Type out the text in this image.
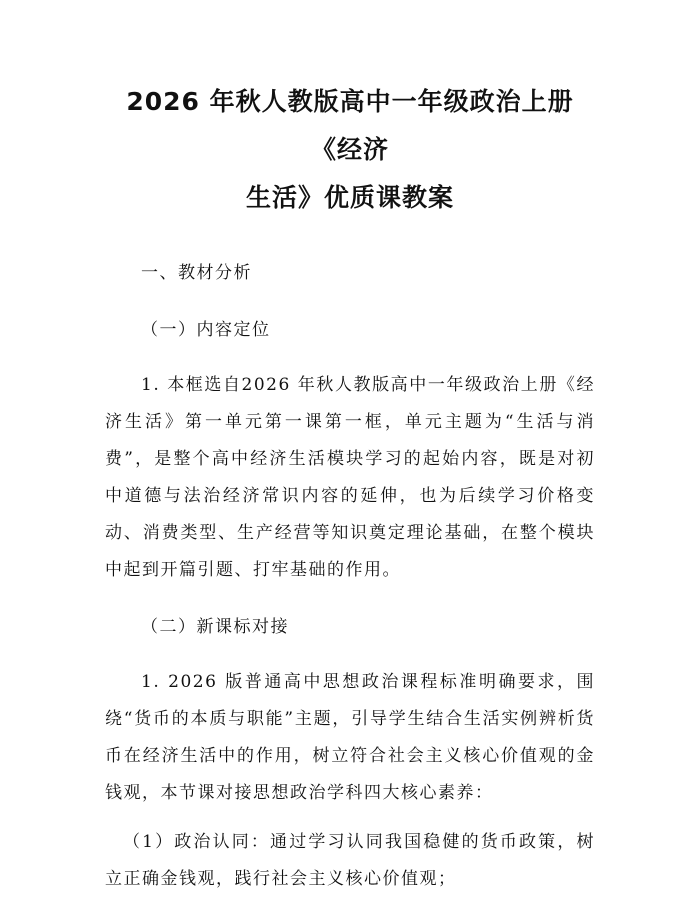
2026 年秋人教版高中一年级政治上册《经济
生活》优质课教案

一、教材分析

（一）内容定位

1. 本框选自2026 年秋人教版高中一年级政治上册《经济生活》第一单元第一课第一框，单元主题为“生活与消费”，是整个高中经济生活模块学习的起始内容，既是对初中道德与法治经济常识内容的延伸，也为后续学习价格变动、消费类型、生产经营等知识奠定理论基础，在整个模块中起到开篇引题、打牢基础的作用。

（二）新课标对接

1. 2026 版普通高中思想政治课程标准明确要求，围绕“货币的本质与职能”主题，引导学生结合生活实例辨析货币在经济生活中的作用，树立符合社会主义核心价值观的金钱观，本节课对接思想政治学科四大核心素养：

（1）政治认同：通过学习认同我国稳健的货币政策，树立正确金钱观，践行社会主义核心价值观；
